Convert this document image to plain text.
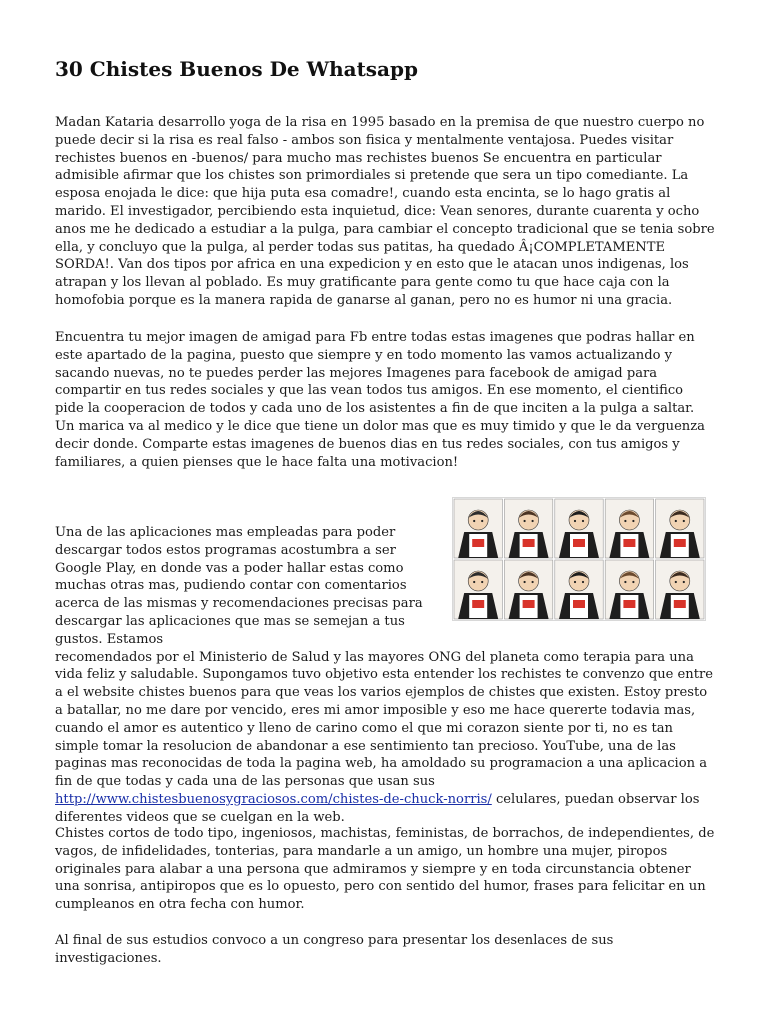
30 Chistes Buenos De Whatsapp

Madan Kataria desarrollo yoga de la risa en 1995 basado en la premisa de que nuestro cuerpo no puede decir si la risa es real falso - ambos son fisica y mentalmente ventajosa. Puedes visitar rechistes buenos en -buenos/ para mucho mas rechistes buenos Se encuentra en particular admisible afirmar que los chistes son primordiales si pretende que sera un tipo comediante. La esposa enojada le dice: que hija puta esa comadre!, cuando esta encinta, se lo hago gratis al marido. El investigador, percibiendo esta inquietud, dice: Vean senores, durante cuarenta y ocho anos me he dedicado a estudiar a la pulga, para cambiar el concepto tradicional que se tenia sobre ella, y concluyo que la pulga, al perder todas sus patitas, ha quedado Â¡COMPLETAMENTE SORDA!. Van dos tipos por africa en una expedicion y en esto que le atacan unos indigenas, los atrapan y los llevan al poblado. Es muy gratificante para gente como tu que hace caja con la homofobia porque es la manera rapida de ganarse al ganan, pero no es humor ni una gracia.

Encuentra tu mejor imagen de amigad para Fb entre todas estas imagenes que podras hallar en este apartado de la pagina, puesto que siempre y en todo momento las vamos actualizando y sacando nuevas, no te puedes perder las mejores Imagenes para facebook de amigad para compartir en tus redes sociales y que las vean todos tus amigos. En ese momento, el cientifico pide la cooperacion de todos y cada uno de los asistentes a fin de que inciten a la pulga a saltar. Un marica va al medico y le dice que tiene un dolor mas que es muy timido y que le da verguenza decir donde. Comparte estas imagenes de buenos dias en tus redes sociales, con tus amigos y familiares, a quien pienses que le hace falta una motivacion!

Una de las aplicaciones mas empleadas para poder descargar todos estos programas acostumbra a ser Google Play, en donde vas a poder hallar estas como muchas otras mas, pudiendo contar con comentarios acerca de las mismas y recomendaciones precisas para descargar las aplicaciones que mas se semejan a tus gustos. Estamos
recomendados por el Ministerio de Salud y las mayores ONG del planeta como terapia para una vida feliz y saludable. Supongamos tuvo objetivo esta entender los rechistes te convenzo que entre a el website chistes buenos para que veas los varios ejemplos de chistes que existen. Estoy presto a batallar, no me dare por vencido, eres mi amor imposible y eso me hace quererte todavia mas, cuando el amor es autentico y lleno de carino como el que mi corazon siente por ti, no es tan simple tomar la resolucion de abandonar a ese sentimiento tan precioso. YouTube, una de las paginas mas reconocidas de toda la pagina web, ha amoldado su programacion a una aplicacion a fin de que todas y cada una de las personas que usan sus http://www.chistesbuenosygraciosos.com/chistes-de-chuck-norris/ celulares, puedan observar los diferentes videos que se cuelgan en la web.

Chistes cortos de todo tipo, ingeniosos, machistas, feministas, de borrachos, de independientes, de vagos, de infidelidades, tonterias, para mandarle a un amigo, un hombre una mujer, piropos originales para alabar a una persona que admiramos y siempre y en toda circunstancia obtener una sonrisa, antipiropos que es lo opuesto, pero con sentido del humor, frases para felicitar en un cumpleanos en otra fecha con humor.

Al final de sus estudios convoco a un congreso para presentar los desenlaces de sus investigaciones.
